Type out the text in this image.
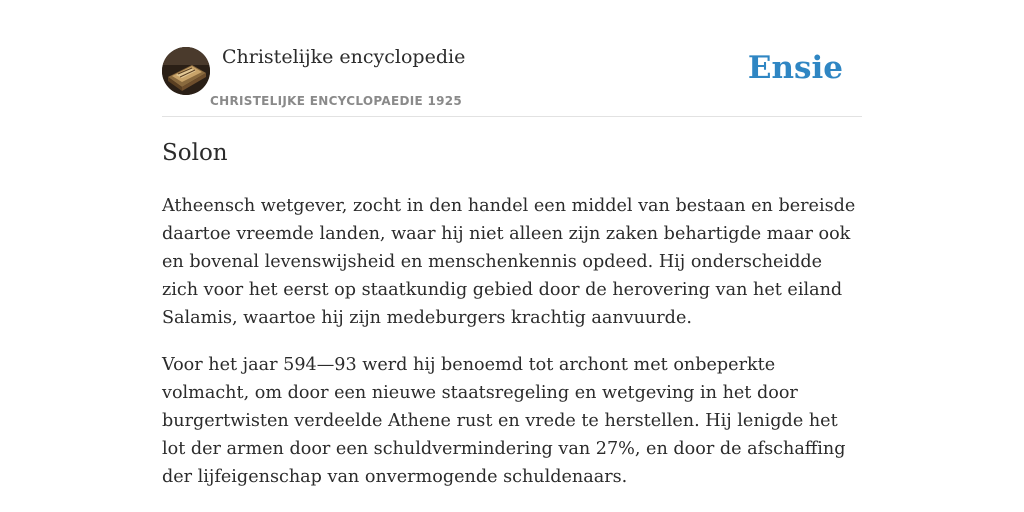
Christelijke encyclopedie
CHRISTELIJKE ENCYCLOPAEDIE 1925
Ensie
Solon

Atheensch wetgever, zocht in den handel een middel van bestaan en bereisde daartoe vreemde landen, waar hij niet alleen zijn zaken behartigde maar ook en bovenal levenswijsheid en menschenkennis opdeed. Hij onderscheidde zich voor het eerst op staatkundig gebied door de herovering van het eiland Salamis, waartoe hij zijn medeburgers krachtig aanvuurde.

Voor het jaar 594—93 werd hij benoemd tot archont met onbeperkte volmacht, om door een nieuwe staatsregeling en wetgeving in het door burgertwisten verdeelde Athene rust en vrede te herstellen. Hij lenigde het lot der armen door een schuldvermindering van 27%, en door de afschaffing der lijfeigenschap van onvermogende schuldenaars.
